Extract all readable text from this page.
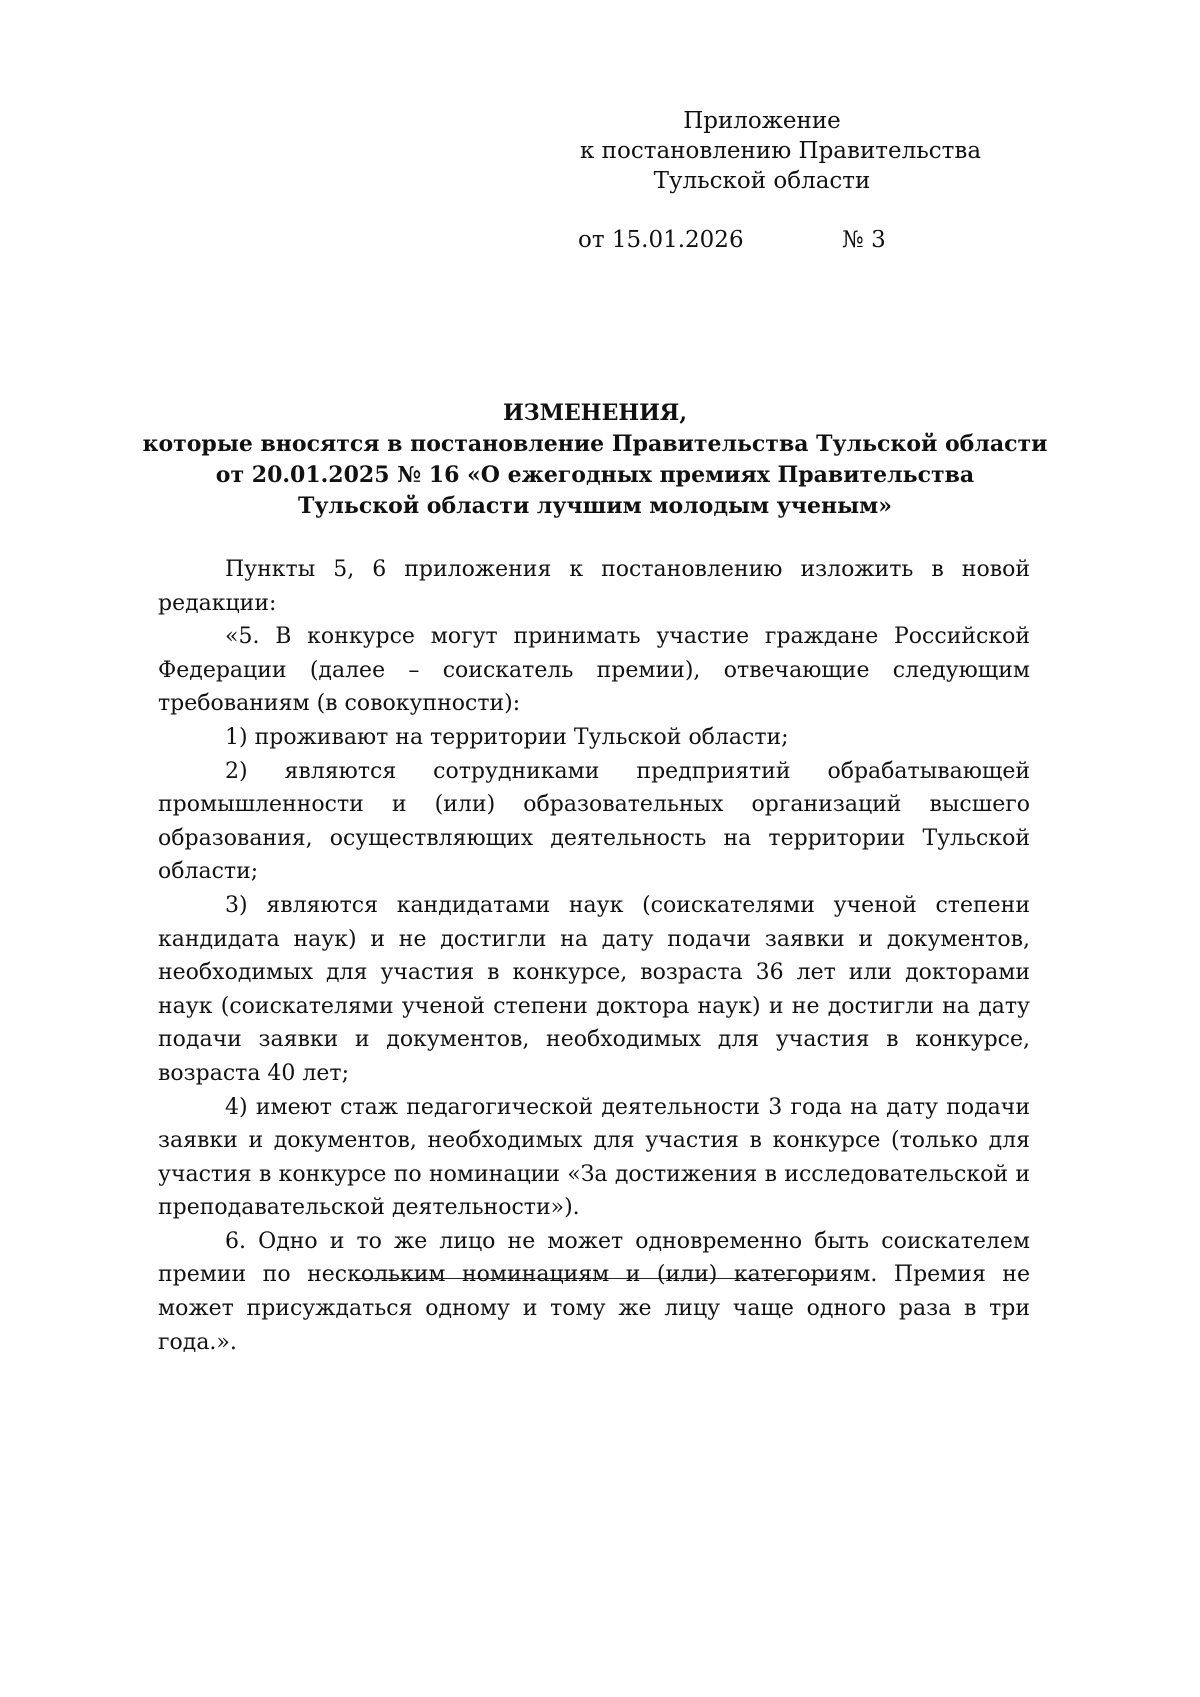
Приложение
к постановлению Правительства
Тульской области
от 15.01.2026	№ 3
ИЗМЕНЕНИЯ,
которые вносятся в постановление Правительства Тульской области
от 20.01.2025 № 16 «О ежегодных премиях Правительства
Тульской области лучшим молодым ученым»

Пункты 5, 6 приложения к постановлению изложить в новой редакции:

«5. В конкурсе могут принимать участие граждане Российской Федерации (далее – соискатель премии), отвечающие следующим требованиям (в совокупности):

1) проживают на территории Тульской области;

2) являются сотрудниками предприятий обрабатывающей промышленности и (или) образовательных организаций высшего образования, осуществляющих деятельность на территории Тульской области;

3) являются кандидатами наук (соискателями ученой степени кандидата наук) и не достигли на дату подачи заявки и документов, необходимых для участия в конкурсе, возраста 36 лет или докторами наук (соискателями ученой степени доктора наук) и не достигли на дату подачи заявки и документов, необходимых для участия в конкурсе, возраста 40 лет;

4) имеют стаж педагогической деятельности 3 года на дату подачи заявки и документов, необходимых для участия в конкурсе (только для участия в конкурсе по номинации «За достижения в исследовательской и преподавательской деятельности»).

6. Одно и то же лицо не может одновременно быть соискателем премии по нескольким номинациям и (или) категориям. Премия не может присуждаться одному и тому же лицу чаще одного раза в три года.».
